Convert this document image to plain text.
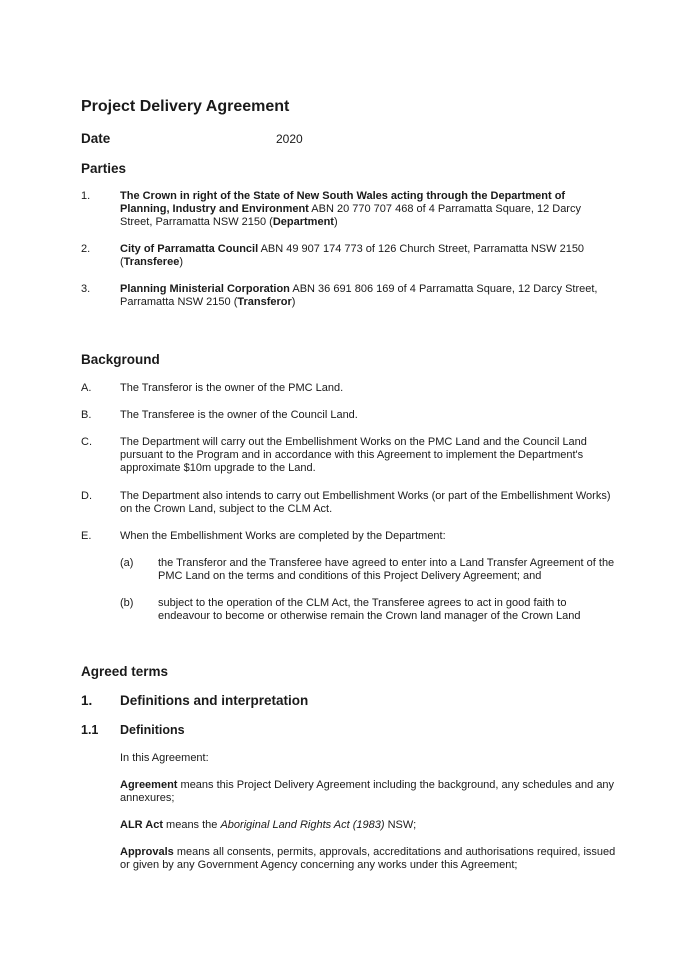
Project Delivery Agreement
Date	2020
Parties
1.	The Crown in right of the State of New South Wales acting through the Department of Planning, Industry and Environment ABN 20 770 707 468 of 4 Parramatta Square, 12 Darcy Street, Parramatta NSW 2150 (Department)
2.	City of Parramatta Council ABN 49 907 174 773 of 126 Church Street, Parramatta NSW 2150 (Transferee)
3.	Planning Ministerial Corporation ABN 36 691 806 169 of 4 Parramatta Square, 12 Darcy Street, Parramatta NSW 2150 (Transferor)
Background
A.	The Transferor is the owner of the PMC Land.
B.	The Transferee is the owner of the Council Land.
C.	The Department will carry out the Embellishment Works on the PMC Land and the Council Land pursuant to the Program and in accordance with this Agreement to implement the Department's approximate $10m upgrade to the Land.
D.	The Department also intends to carry out Embellishment Works (or part of the Embellishment Works) on the Crown Land, subject to the CLM Act.
E.	When the Embellishment Works are completed by the Department:
(a) the Transferor and the Transferee have agreed to enter into a Land Transfer Agreement of the PMC Land on the terms and conditions of this Project Delivery Agreement; and
(b) subject to the operation of the CLM Act, the Transferee agrees to act in good faith to endeavour to become or otherwise remain the Crown land manager of the Crown Land
Agreed terms
1. Definitions and interpretation
1.1 Definitions
In this Agreement:
Agreement means this Project Delivery Agreement including the background, any schedules and any annexures;
ALR Act means the Aboriginal Land Rights Act (1983) NSW;
Approvals means all consents, permits, approvals, accreditations and authorisations required, issued or given by any Government Agency concerning any works under this Agreement;
